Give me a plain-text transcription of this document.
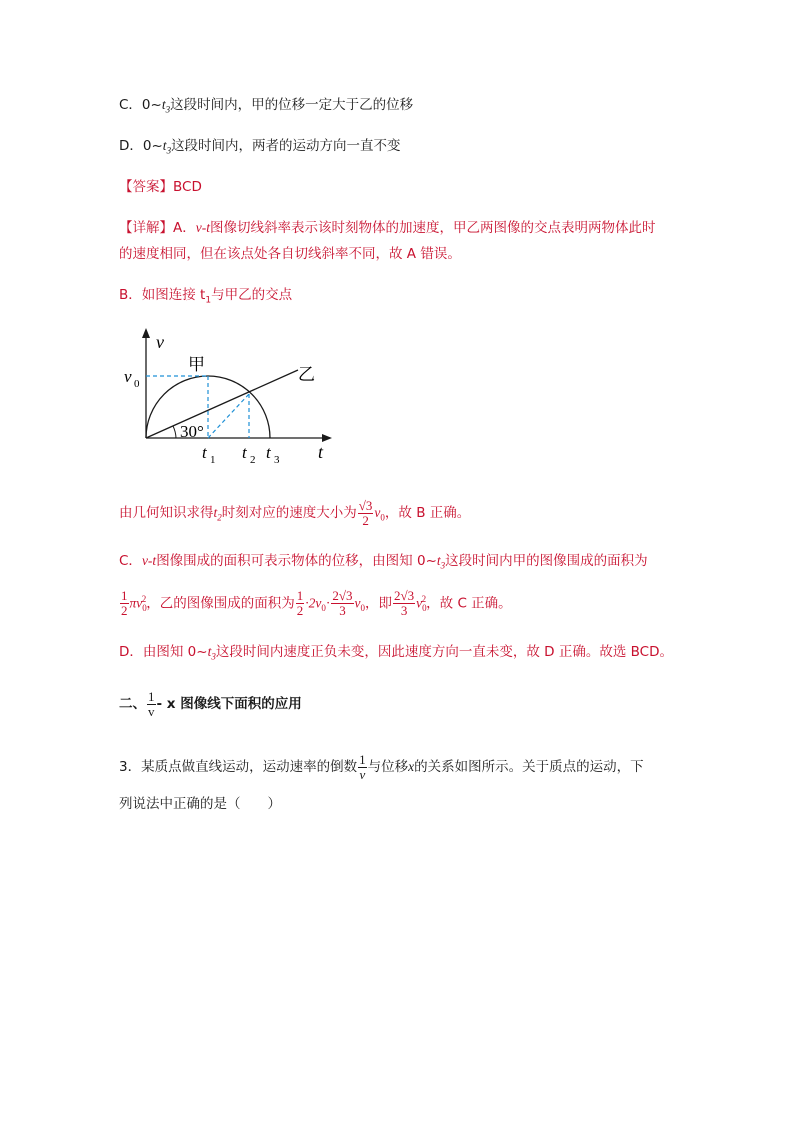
C．$0\sim t_3$这段时间内，甲的位移一定大于乙的位移
D．$0\sim t_3$这段时间内，两者的运动方向一直不变
【答案】BCD
【详解】A．v-t图像切线斜率表示该时刻物体的加速度，甲乙两图像的交点表明两物体此时
的速度相同，但在该点处各自切线斜率不同，故 A 错误。
B．如图连接 $t_1$与甲乙的交点
v
t
v 0
甲	乙
30°
t 1 t 2 t 3
由几何知识求得$t_2$时刻对应的速度大小为 $\frac{√3}{2} v_0$，故 B 正确。
C．v-t图像围成的面积可表示物体的位移，由图知 $0\sim t_3$这段时间内甲的图像围成的面积为
$\frac{1}{2} \pi v_0^2$，乙的图像围成的面积为 $\frac{1}{2} \cdot 2v_0\cdot \frac{2√3}{3} v_0$，即 $\frac{2√3}{3} v_0^2$，故 C 正确。
D．由图知 $0\sim t_3$这段时间内速度正负未变，因此速度方向一直未变，故 D 正确。故选 BCD。
二、 $\frac{1}{v}$ - x 图像线下面积的应用
3．某质点做直线运动，运动速率的倒数 $\frac{1}{v}$ 与位移x的关系如图所示。关于质点的运动，下
列说法中正确的是（　　）
